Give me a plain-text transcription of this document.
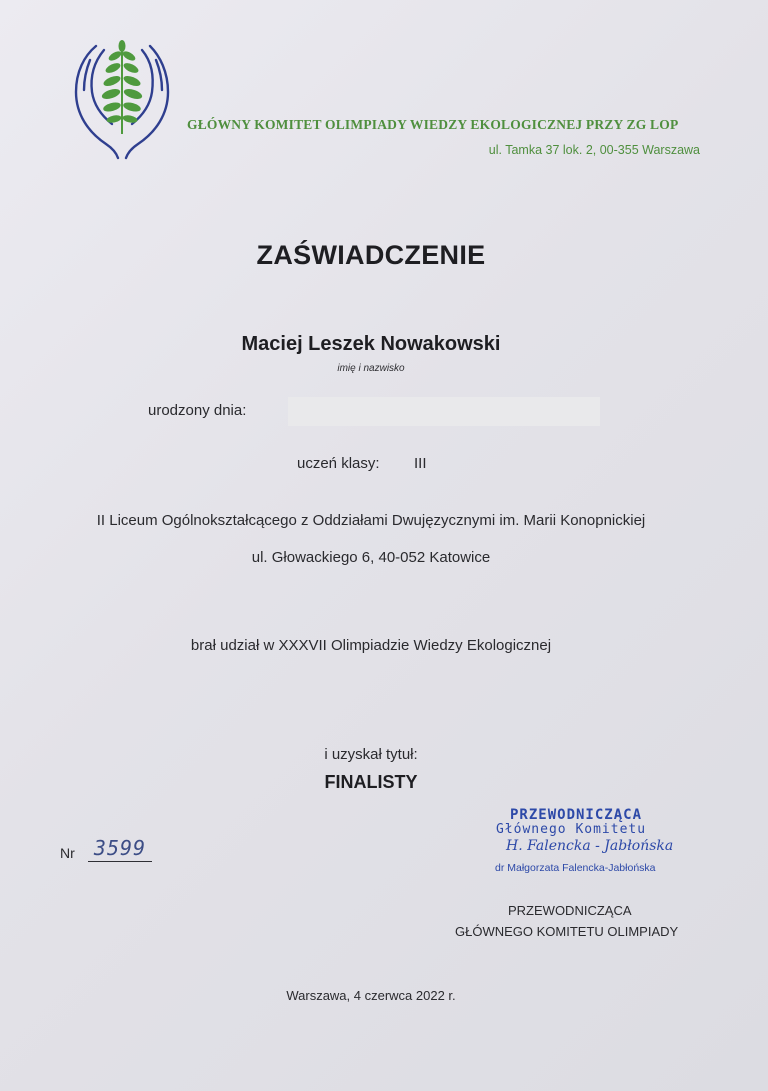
GŁÓWNY KOMITET OLIMPIADY WIEDZY EKOLOGICZNEJ PRZY ZG LOP
ul. Tamka 37 lok. 2, 00-355 Warszawa
ZAŚWIADCZENIE
Maciej Leszek Nowakowski
imię i nazwisko
urodzony dnia:
uczeń klasy: III
II Liceum Ogólnokształcącego z Oddziałami Dwujęzycznymi im. Marii Konopnickiej
ul. Głowackiego 6, 40-052 Katowice
brał udział w XXXVII Olimpiadzie Wiedzy Ekologicznej
i uzyskał tytuł:
FINALISTY
Nr 3599
PRZEWODNICZĄCA
Głównego Komitetu
H. Falencka - Jabłońska
dr Małgorzata Falencka-Jabłońska
PRZEWODNICZĄCA
GŁÓWNEGO KOMITETU OLIMPIADY
Warszawa, 4 czerwca 2022 r.
